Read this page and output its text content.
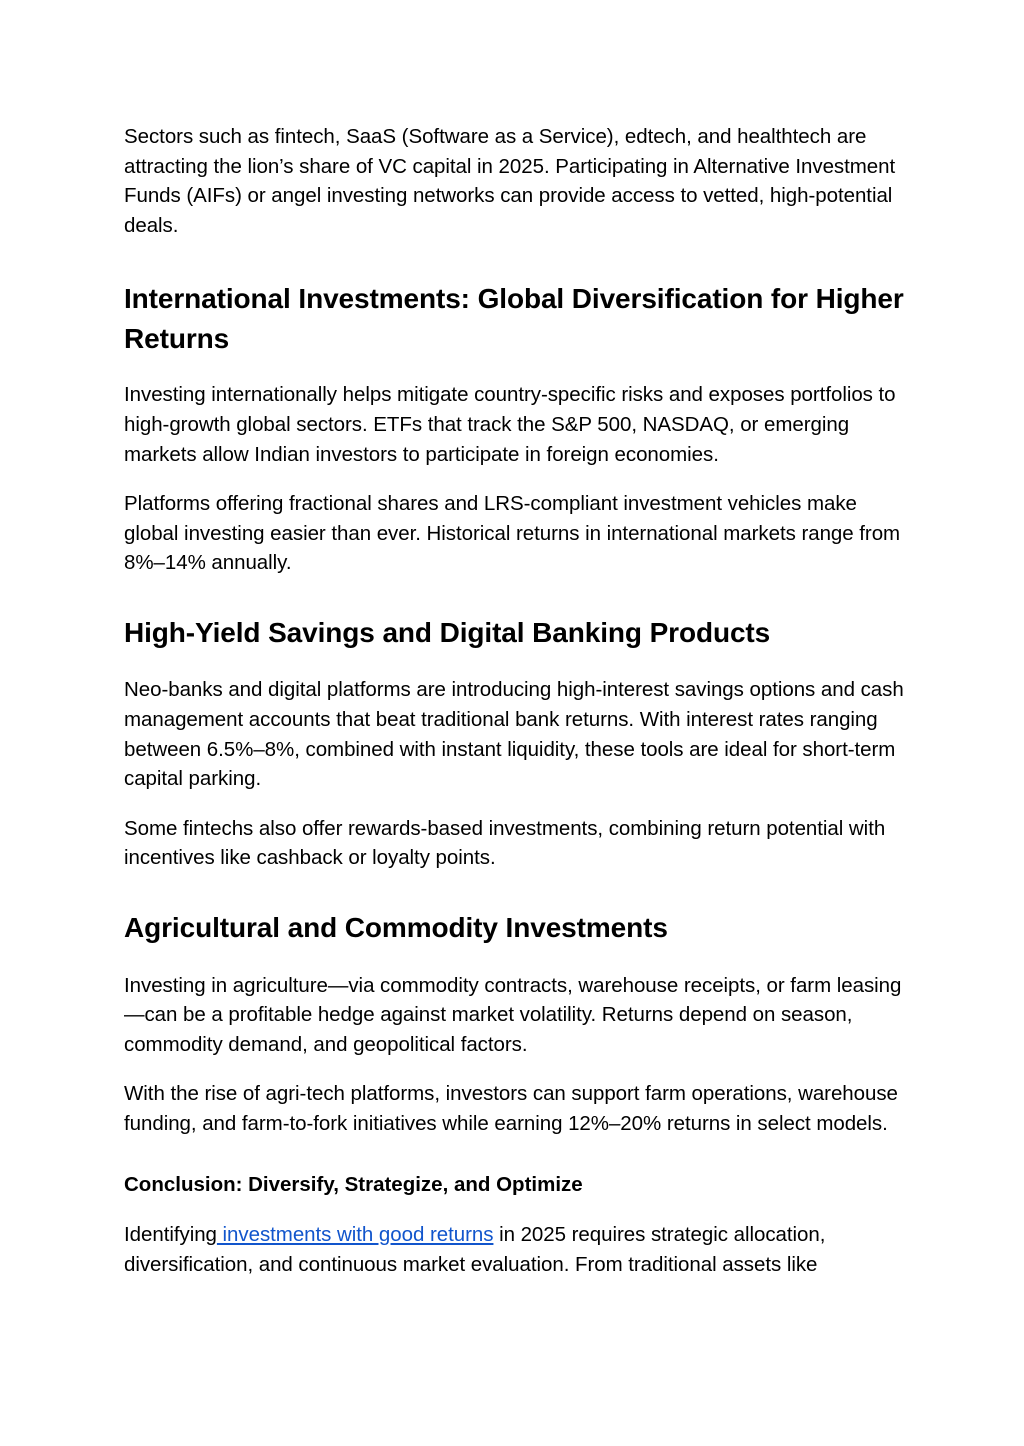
Sectors such as fintech, SaaS (Software as a Service), edtech, and healthtech are attracting the lion’s share of VC capital in 2025. Participating in Alternative Investment Funds (AIFs) or angel investing networks can provide access to vetted, high-potential deals.

International Investments: Global Diversification for Higher Returns

Investing internationally helps mitigate country-specific risks and exposes portfolios to high-growth global sectors. ETFs that track the S&P 500, NASDAQ, or emerging markets allow Indian investors to participate in foreign economies.

Platforms offering fractional shares and LRS-compliant investment vehicles make global investing easier than ever. Historical returns in international markets range from 8%–14% annually.

High-Yield Savings and Digital Banking Products

Neo-banks and digital platforms are introducing high-interest savings options and cash management accounts that beat traditional bank returns. With interest rates ranging between 6.5%–8%, combined with instant liquidity, these tools are ideal for short-term capital parking.

Some fintechs also offer rewards-based investments, combining return potential with incentives like cashback or loyalty points.

Agricultural and Commodity Investments

Investing in agriculture—via commodity contracts, warehouse receipts, or farm leasing—can be a profitable hedge against market volatility. Returns depend on season, commodity demand, and geopolitical factors.

With the rise of agri-tech platforms, investors can support farm operations, warehouse funding, and farm-to-fork initiatives while earning 12%–20% returns in select models.

Conclusion: Diversify, Strategize, and Optimize

Identifying investments with good returns in 2025 requires strategic allocation, diversification, and continuous market evaluation. From traditional assets like
